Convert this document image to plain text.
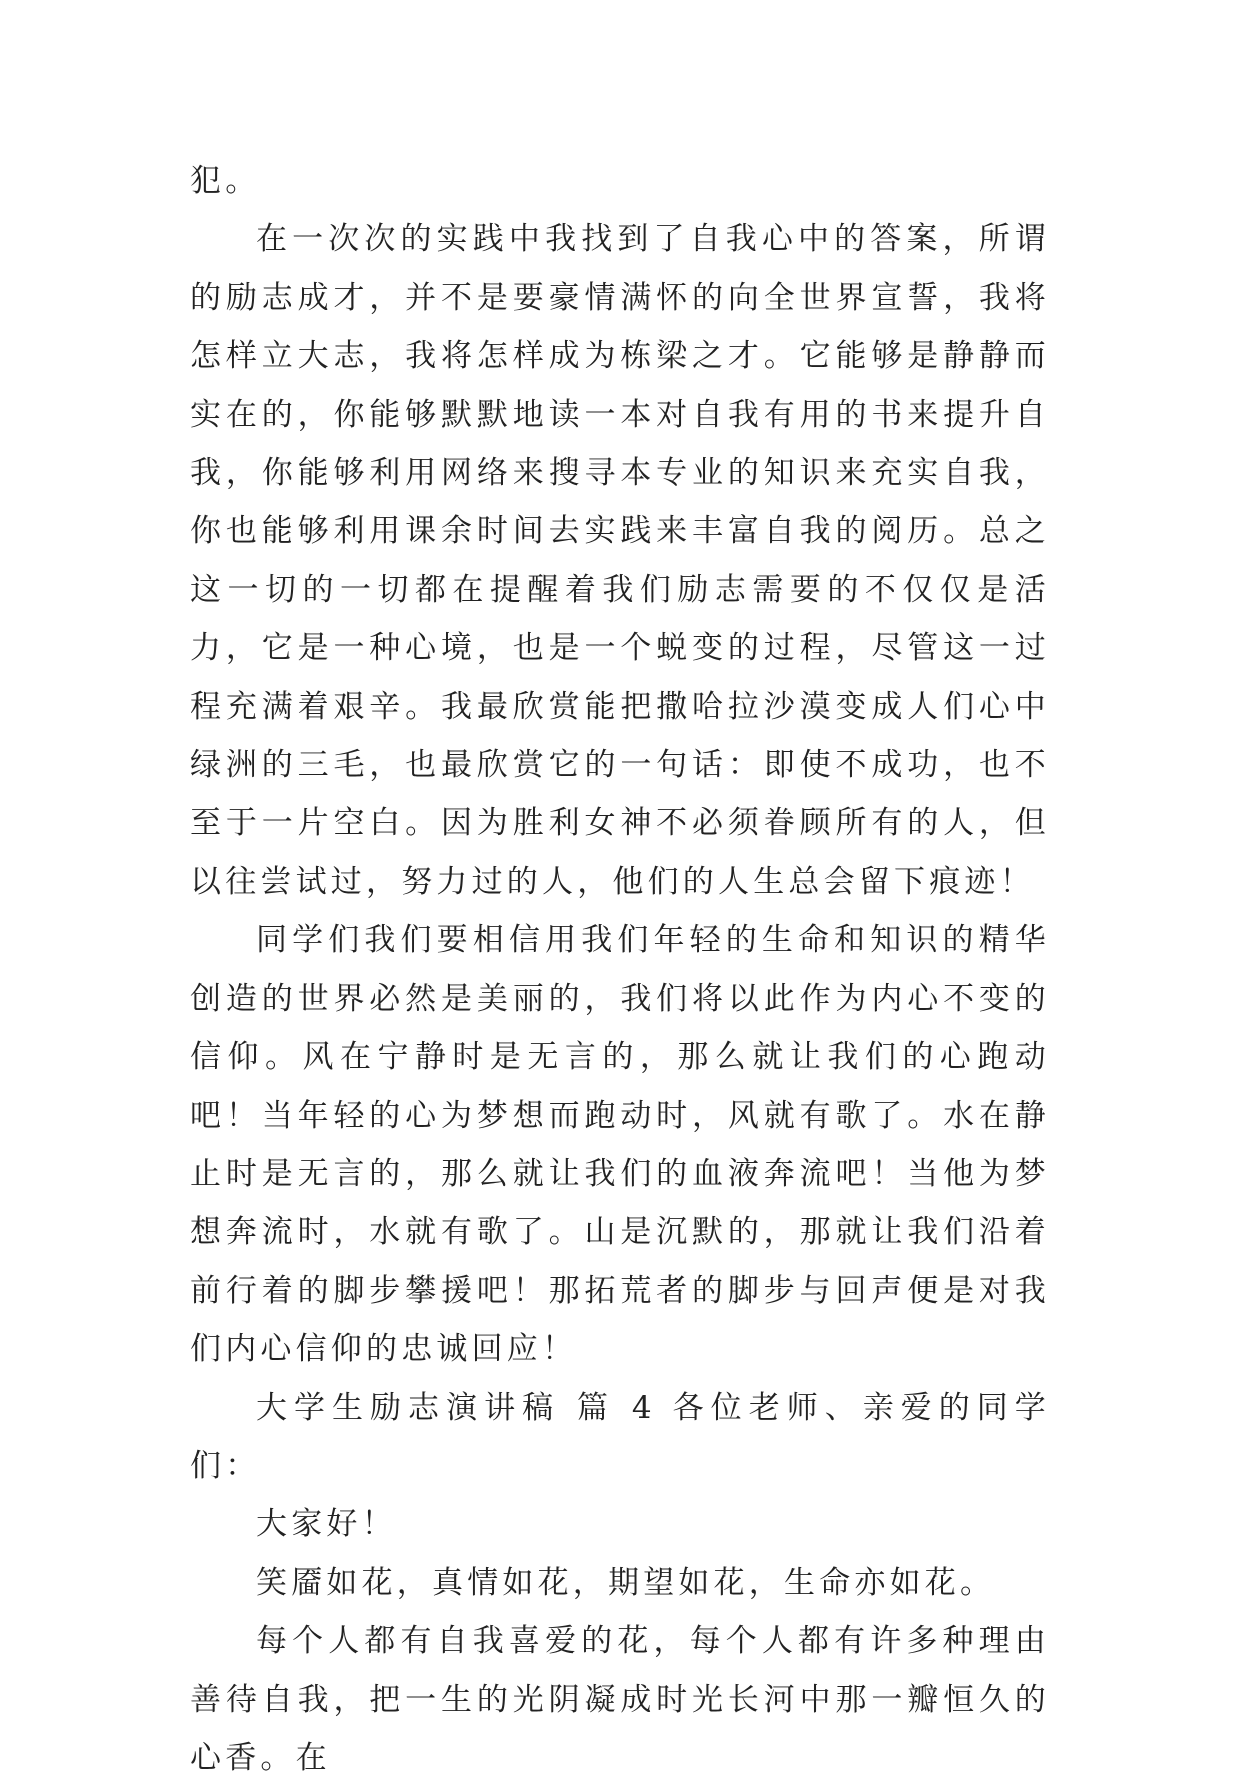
犯。

在一次次的实践中我找到了自我心中的答案，所谓的励志成才，并不是要豪情满怀的向全世界宣誓，我将怎样立大志，我将怎样成为栋梁之才。它能够是静静而实在的，你能够默默地读一本对自我有用的书来提升自我，你能够利用网络来搜寻本专业的知识来充实自我，你也能够利用课余时间去实践来丰富自我的阅历。总之这一切的一切都在提醒着我们励志需要的不仅仅是活力，它是一种心境，也是一个蜕变的过程，尽管这一过程充满着艰辛。我最欣赏能把撒哈拉沙漠变成人们心中绿洲的三毛，也最欣赏它的一句话：即使不成功，也不至于一片空白。因为胜利女神不必须眷顾所有的人，但以往尝试过，努力过的人，他们的人生总会留下痕迹！

同学们我们要相信用我们年轻的生命和知识的精华创造的世界必然是美丽的，我们将以此作为内心不变的信仰。风在宁静时是无言的，那么就让我们的心跑动吧！当年轻的心为梦想而跑动时，风就有歌了。水在静止时是无言的，那么就让我们的血液奔流吧！当他为梦想奔流时，水就有歌了。山是沉默的，那就让我们沿着前行着的脚步攀援吧！那拓荒者的脚步与回声便是对我们内心信仰的忠诚回应！

大学生励志演讲稿 篇 4 各位老师、亲爱的同学们：

大家好！

笑靥如花，真情如花，期望如花，生命亦如花。

每个人都有自我喜爱的花，每个人都有许多种理由善待自我，把一生的光阴凝成时光长河中那一瓣恒久的心香。在
